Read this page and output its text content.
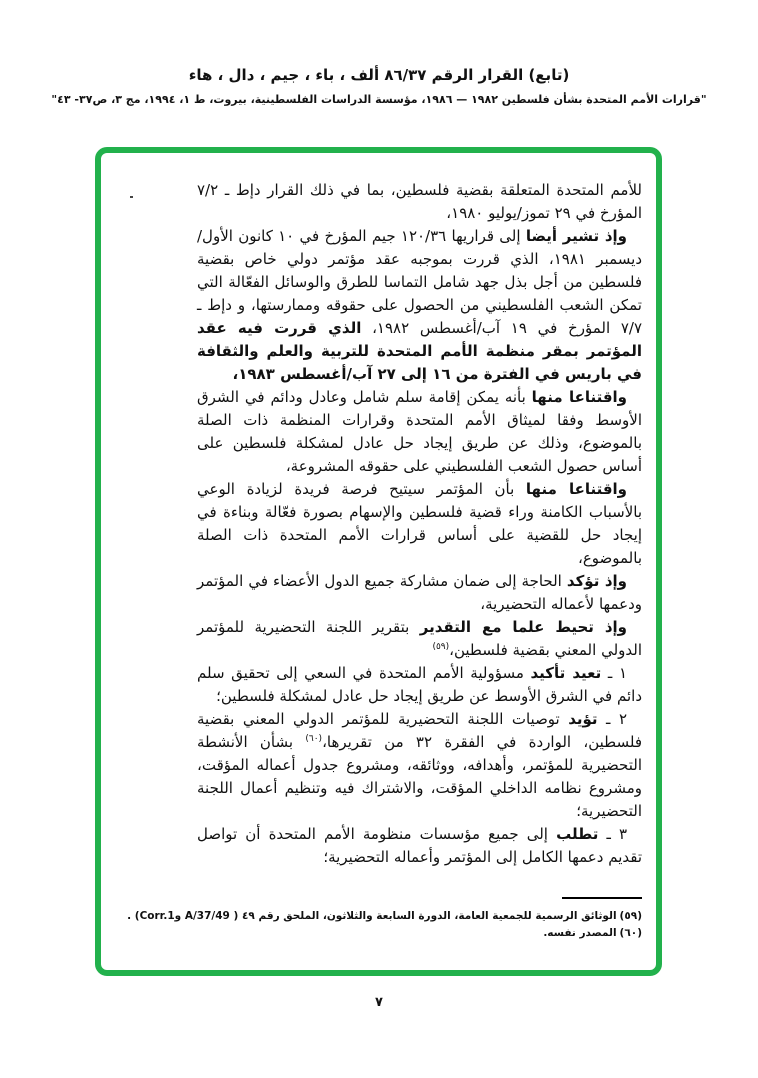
(تابع) القرار الرقم ٨٦/٣٧ ألف ، باء ، جيم ، دال ، هاء
"قرارات الأمم المتحدة بشأن فلسطين ١٩٨٢ — ١٩٨٦، مؤسسة الدراسات الفلسطينية، بيروت، ط ١، ١٩٩٤، مج ٣، ص٣٧- ٤٣"

للأمم المتحدة المتعلقة بقضية فلسطين، بما في ذلك القرار دإط ـ ٧/٢ المؤرخ في ٢٩ تموز/يوليو ١٩٨٠،

وإذ تشير أيضا إلى قراريها ١٢٠/٣٦ جيم المؤرخ في ١٠ كانون الأول/ديسمبر ١٩٨١، الذي قررت بموجبه عقد مؤتمر دولي خاص بقضية فلسطين من أجل بذل جهد شامل التماسا للطرق والوسائل الفعّالة التي تمكن الشعب الفلسطيني من الحصول على حقوقه وممارستها، و دإط ـ ٧/٧ المؤرخ في ١٩ آب/أغسطس ١٩٨٢، الذي قررت فيه عقد المؤتمر بمقر منظمة الأمم المتحدة للتربية والعلم والثقافة في باريس في الفترة من ١٦ إلى ٢٧ آب/أغسطس ١٩٨٣،

واقتناعا منها بأنه يمكن إقامة سلم شامل وعادل ودائم في الشرق الأوسط وفقا لميثاق الأمم المتحدة وقرارات المنظمة ذات الصلة بالموضوع، وذلك عن طريق إيجاد حل عادل لمشكلة فلسطين على أساس حصول الشعب الفلسطيني على حقوقه المشروعة،

واقتناعا منها بأن المؤتمر سيتيح فرصة فريدة لزيادة الوعي بالأسباب الكامنة وراء قضية فلسطين والإسهام بصورة فعّالة وبناءة في إيجاد حل للقضية على أساس قرارات الأمم المتحدة ذات الصلة بالموضوع،

وإذ تؤكد الحاجة إلى ضمان مشاركة جميع الدول الأعضاء في المؤتمر ودعمها لأعماله التحضيرية،

وإذ تحيط علما مع التقدير بتقرير اللجنة التحضيرية للمؤتمر الدولي المعني بقضية فلسطين،$^{(٥٩)}$

١ ـ تعيد تأكيد مسؤولية الأمم المتحدة في السعي إلى تحقيق سلم دائم في الشرق الأوسط عن طريق إيجاد حل عادل لمشكلة فلسطين؛

٢ ـ تؤيد توصيات اللجنة التحضيرية للمؤتمر الدولي المعني بقضية فلسطين، الواردة في الفقرة ٣٢ من تقريرها،$^{(٦٠)}$ بشأن الأنشطة التحضيرية للمؤتمر، وأهدافه، ووثائقه، ومشروع جدول أعماله المؤقت، ومشروع نظامه الداخلي المؤقت، والاشتراك فيه وتنظيم أعمال اللجنة التحضيرية؛

٣ ـ تطلب إلى جميع مؤسسات منظومة الأمم المتحدة أن تواصل تقديم دعمها الكامل إلى المؤتمر وأعماله التحضيرية؛

(٥٩)الوثائق الرسمية للجمعية العامة، الدورة السابعة والثلاثون، الملحق رقم ٤٩ ( A/37/49 وCorr.1) .
(٦٠)المصدر نفسه.
٧
